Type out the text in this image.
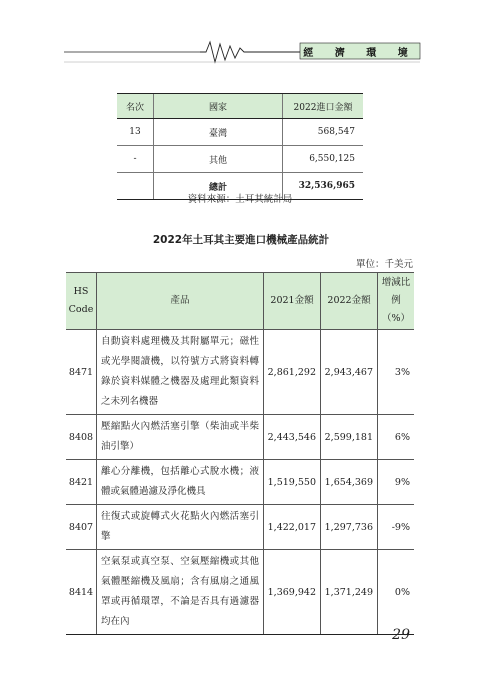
經 濟 環 境
名次	國家	2022進口金額
13	臺灣	568,547
-	其他	6,550,125
	總計	32,536,965
資料來源：土耳其統計局
2022年土耳其主要進口機械產品統計
單位：千美元
HS
Code	產品	2021金額	2022金額	增減比例
（%）
8471	自動資料處理機及其附屬單元；磁性或光學閱讀機，以符號方式將資料轉錄於資料媒體之機器及處理此類資料之未列名機器	2,861,292	2,943,467	3%
8408	壓縮點火內燃活塞引擎（柴油或半柴油引擎）	2,443,546	2,599,181	6%
8421	離心分離機，包括離心式脫水機；液體或氣體過濾及淨化機具	1,519,550	1,654,369	9%
8407	往復式或旋轉式火花點火內燃活塞引擎	1,422,017	1,297,736	-9%
8414	空氣泵或真空泵、空氣壓縮機或其他氣體壓縮機及風扇；含有風扇之通風罩或再循環罩，不論是否具有過濾器均在內	1,369,942	1,371,249	0%
29
